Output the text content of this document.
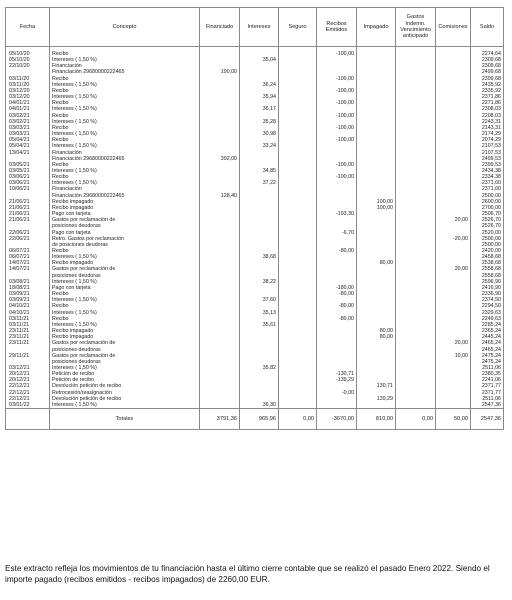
Fecha	Concepto	Financiado	Intereses	Seguro	Recibos Emitidos	Impagado	Gastos Indemn. Vencimiento anticipado	Comisiones	Saldo
05/10/20	Recibo				-100,00				2274,64
05/10/20	Intereses ( 1,50 %)		35,04						2309,68
22/10/20	Financiación								2309,68
	Financiación 29680000222465	190,00							2499,68
03/11/20	Recibo				-100,00				2399,68
03/11/20	Intereses ( 1,50 %)		36,24						2435,92
03/12/20	Recibo				-100,00				2335,92
03/12/20	Intereses ( 1,50 %)		35,94						2371,86
04/01/21	Recibo				-100,00				2271,86
04/01/21	Intereses ( 1,50 %)		36,17						2308,03
03/02/21	Recibo				-100,00				2208,03
03/02/21	Intereses ( 1,50 %)		35,28						2243,31
03/03/21	Recibo				-100,00				2143,31
03/03/21	Intereses ( 1,50 %)		30,98						2174,29
05/04/21	Recibo				-100,00				2074,29
05/04/21	Intereses ( 1,50 %)		33,24						2107,53
13/04/21	Financiación								2107,53
	Financiación 29680000222465	392,00							2499,53
03/05/21	Recibo				-100,00				2399,53
03/05/21	Intereses ( 1,50 %)		34,85						2434,38
03/06/21	Recibo				-100,00				2334,38
03/06/21	Intereses ( 1,50 %)		37,22						2371,60
10/06/21	Financiación								2371,60
	Financiación 29680000222465	128,40							2500,00
21/06/21	Recibo impagado					100,00			2600,00
21/06/21	Recibo impagado					100,00			2700,00
21/06/21	Pago con tarjeta				-193,30				2506,70
21/06/21	Gastos por reclamación de							20,00	2526,70
	posiciones deudoras								2526,70
22/06/21	Pago con tarjeta				-6,70				2520,00
22/06/21	Retro. Gastos por reclamación							-20,00	2500,00
	de posiciones deudoras								2500,00
06/07/21	Recibo				-80,00				2420,00
06/07/21	Intereses ( 1,50 %)		38,68						2458,68
14/07/21	Recibo impagado					80,00			2538,68
14/07/21	Gastos por reclamación de							20,00	2558,68
	posiciones deudoras								2558,68
03/08/21	Intereses ( 1,50 %)		38,22						2596,90
18/08/21	Pago con tarjeta				-180,00				2416,90
03/09/21	Recibo				-80,00				2336,90
03/09/21	Intereses ( 1,50 %)		37,60						2374,50
04/10/21	Recibo				-80,00				2294,50
04/10/21	Intereses ( 1,50 %)		35,13						2329,63
03/11/21	Recibo				-80,00				2249,63
03/11/21	Intereses ( 1,50 %)		35,61						2285,24
23/11/21	Recibo impagado					80,00			2365,24
23/11/21	Recibo impagado					80,00			2445,24
23/11/21	Gastos por reclamación de							20,00	2465,24
	posiciones deudoras								2465,24
29/11/21	Gastos por reclamación de							10,00	2475,24
	posiciones deudoras								2475,24
03/12/21	Intereses ( 1,50 %)		35,82						2511,06
20/12/21	Petición de recibo				-130,71				2380,35
20/12/21	Petición de recibo				-139,29				2241,06
22/12/21	Devolución petición de recibo					130,71			2371,77
22/12/21	Retrocesión/reasignación				-0,00				2371,77
22/12/21	Devolución petición de recibo					139,29			2511,06
03/01/22	Intereses ( 1,50 %)		36,30						2547,36
	Totales	3791,36	965,96	0,00	-3670,00	810,00	0,00	50,00	2547,36
Este extracto refleja los movimientos de tu financiación hasta el último cierre contable que se realizó el pasado Enero 2022. Siendo el importe pagado (recibos emitidos - recibos impagados) de 2260,00 EUR.
